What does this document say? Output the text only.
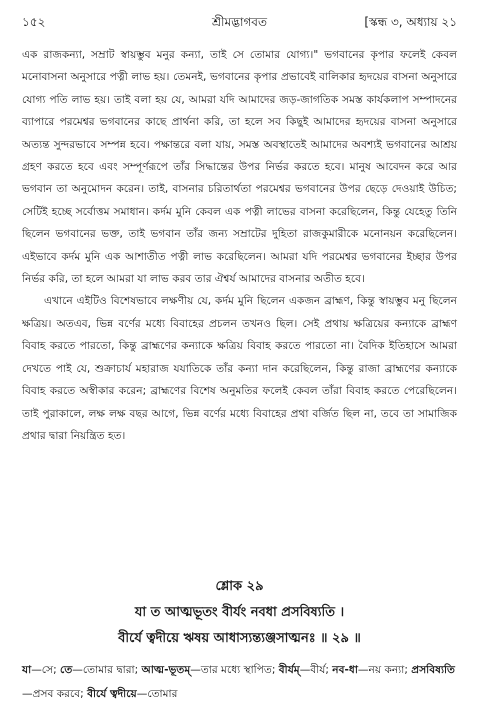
১৫২	শ্রীমদ্ভাগবত	[স্কন্ধ ৩, অধ্যায় ২১

এক রাজকন্যা, সম্রাট স্বায়ম্ভুব মনুর কন্যা, তাই সে তোমার যোগ্য।" ভগবানের কৃপার ফলেই কেবল মনোবাসনা অনুসারে পত্নী লাভ হয়। তেমনই, ভগবানের কৃপার প্রভাবেই বালিকার হৃদয়ের বাসনা অনুসারে যোগ্য পতি লাভ হয়। তাই বলা হয় যে, আমরা যদি আমাদের জড়-জাগতিক সমস্ত কার্যকলাপ সম্পাদনের ব্যাপারে পরমেশ্বর ভগবানের কাছে প্রার্থনা করি, তা হলে সব কিছুই আমাদের হৃদয়ের বাসনা অনুসারে অত্যন্ত সুন্দরভাবে সম্পন্ন হবে। পক্ষান্তরে বলা যায়, সমস্ত অবস্থাতেই আমাদের অবশ্যই ভগবানের আশ্রয় গ্রহণ করতে হবে এবং সম্পূর্ণরূপে তাঁর সিদ্ধান্তের উপর নির্ভর করতে হবে। মানুষ আবেদন করে আর ভগবান তা অনুমোদন করেন। তাই, বাসনার চরিতার্থতা পরমেশ্বর ভগবানের উপর ছেড়ে দেওয়াই উচিত; সেটিই হচ্ছে সর্বোত্তম সমাধান। কর্দম মুনি কেবল এক পত্নী লাভের বাসনা করেছিলেন, কিন্তু যেহেতু তিনি ছিলেন ভগবানের ভক্ত, তাই ভগবান তাঁর জন্য সম্রাটের দুহিতা রাজকুমারীকে মনোনয়ন করেছিলেন। এইভাবে কর্দম মুনি এক আশাতীত পত্নী লাভ করেছিলেন। আমরা যদি পরমেশ্বর ভগবানের ইচ্ছার উপর নির্ভর করি, তা হলে আমরা যা লাভ করব তার ঐশ্বর্য আমাদের বাসনার অতীত হবে।

এখানে এইটিও বিশেষভাবে লক্ষণীয় যে, কর্দম মুনি ছিলেন একজন ব্রাহ্মণ, কিন্তু স্বায়ম্ভুব মনু ছিলেন ক্ষত্রিয়। অতএব, ভিন্ন বর্ণের মধ্যে বিবাহের প্রচলন তখনও ছিল। সেই প্রথায় ক্ষত্রিয়ের কন্যাকে ব্রাহ্মণ বিবাহ করতে পারতো, কিন্তু ব্রাহ্মণের কন্যাকে ক্ষত্রিয় বিবাহ করতে পারতো না। বৈদিক ইতিহাসে আমরা দেখতে পাই যে, শুক্রাচার্য মহারাজ যযাতিকে তাঁর কন্যা দান করেছিলেন, কিন্তু রাজা ব্রাহ্মণের কন্যাকে বিবাহ করতে অস্বীকার করেন; ব্রাহ্মণের বিশেষ অনুমতির ফলেই কেবল তাঁরা বিবাহ করতে পেরেছিলেন। তাই পুরাকালে, লক্ষ লক্ষ বছর আগে, ভিন্ন বর্ণের মধ্যে বিবাহের প্রথা বর্জিত ছিল না, তবে তা সামাজিক প্রথার দ্বারা নিয়ন্ত্রিত হত।

শ্লোক ২৯
যা ত আত্মভূতং বীর্যং নবধা প্রসবিষ্যতি ।
বীর্যে ত্বদীয়ে ঋষয় আধাস্যন্ত্যঞ্জসাত্মনঃ ॥ ২৯ ॥
যা—সে; তে—তোমার দ্বারা; আত্ম-ভূতম্—তার মধ্যে স্থাপিত; বীর্যম্—বীর্য; নব-ধা—নয় কন্যা; প্রসবিষ্যতি—প্রসব করবে; বীর্যে ত্বদীয়ে—তোমার
